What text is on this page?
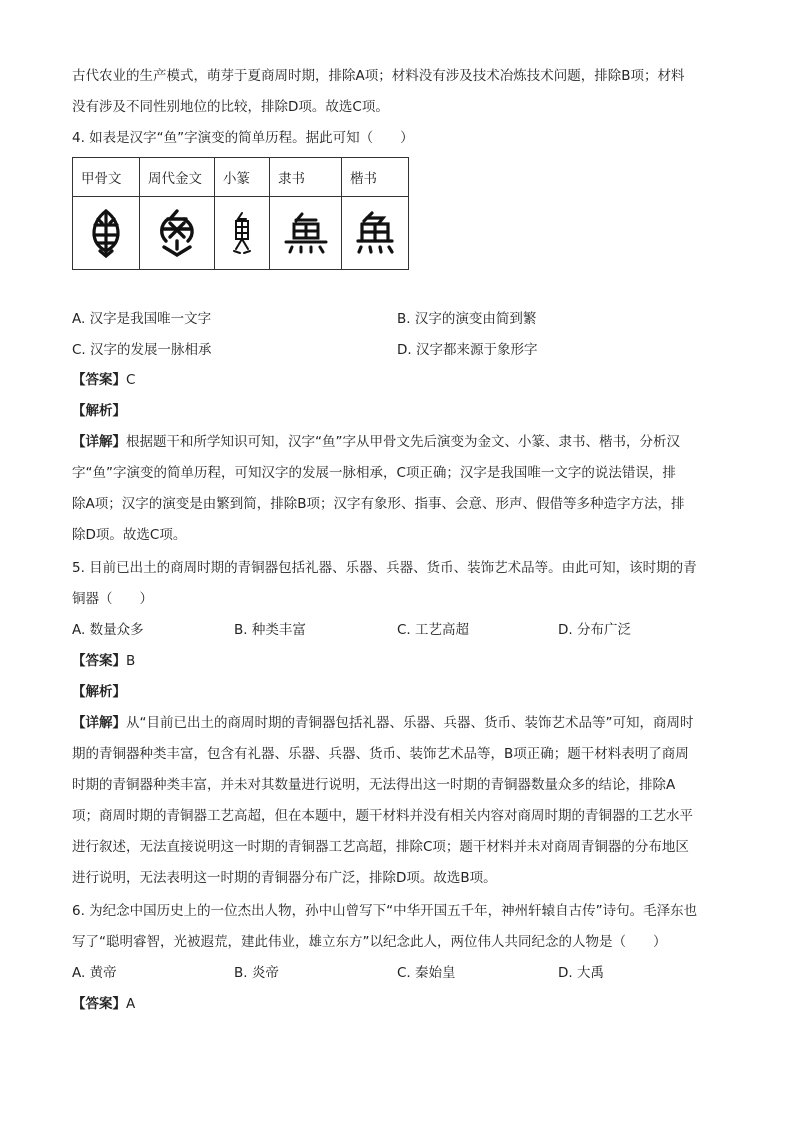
古代农业的生产模式，萌芽于夏商周时期，排除A项；材料没有涉及技术冶炼技术问题，排除B项；材料
没有涉及不同性别地位的比较，排除D项。故选C项。
4. 如表是汉字“鱼”字演变的简单历程。据此可知（　　）
甲骨文	周代金文	小篆	隶书	楷书

A. 汉字是我国唯一文字	B. 汉字的演变由简到繁
C. 汉字的发展一脉相承	D. 汉字都来源于象形字
【答案】C
【解析】
【详解】根据题干和所学知识可知，汉字“鱼”字从甲骨文先后演变为金文、小篆、隶书、楷书，分析汉
字“鱼”字演变的简单历程，可知汉字的发展一脉相承，C项正确；汉字是我国唯一文字的说法错误，排
除A项；汉字的演变是由繁到简，排除B项；汉字有象形、指事、会意、形声、假借等多种造字方法，排
除D项。故选C项。
5. 目前已出土的商周时期的青铜器包括礼器、乐器、兵器、货币、装饰艺术品等。由此可知，该时期的青
铜器（　　）
A. 数量众多	B. 种类丰富	C. 工艺高超	D. 分布广泛
【答案】B
【解析】
【详解】从“目前已出土的商周时期的青铜器包括礼器、乐器、兵器、货币、装饰艺术品等”可知，商周时
期的青铜器种类丰富，包含有礼器、乐器、兵器、货币、装饰艺术品等，B项正确；题干材料表明了商周
时期的青铜器种类丰富，并未对其数量进行说明，无法得出这一时期的青铜器数量众多的结论，排除A
项；商周时期的青铜器工艺高超，但在本题中，题干材料并没有相关内容对商周时期的青铜器的工艺水平
进行叙述，无法直接说明这一时期的青铜器工艺高超，排除C项；题干材料并未对商周青铜器的分布地区
进行说明，无法表明这一时期的青铜器分布广泛，排除D项。故选B项。
6. 为纪念中国历史上的一位杰出人物，孙中山曾写下“中华开国五千年，神州轩辕自古传”诗句。毛泽东也
写了“聪明睿智，光被遐荒，建此伟业，雄立东方”以纪念此人，两位伟人共同纪念的人物是（　　）
A. 黄帝	B. 炎帝	C. 秦始皇	D. 大禹
【答案】A
